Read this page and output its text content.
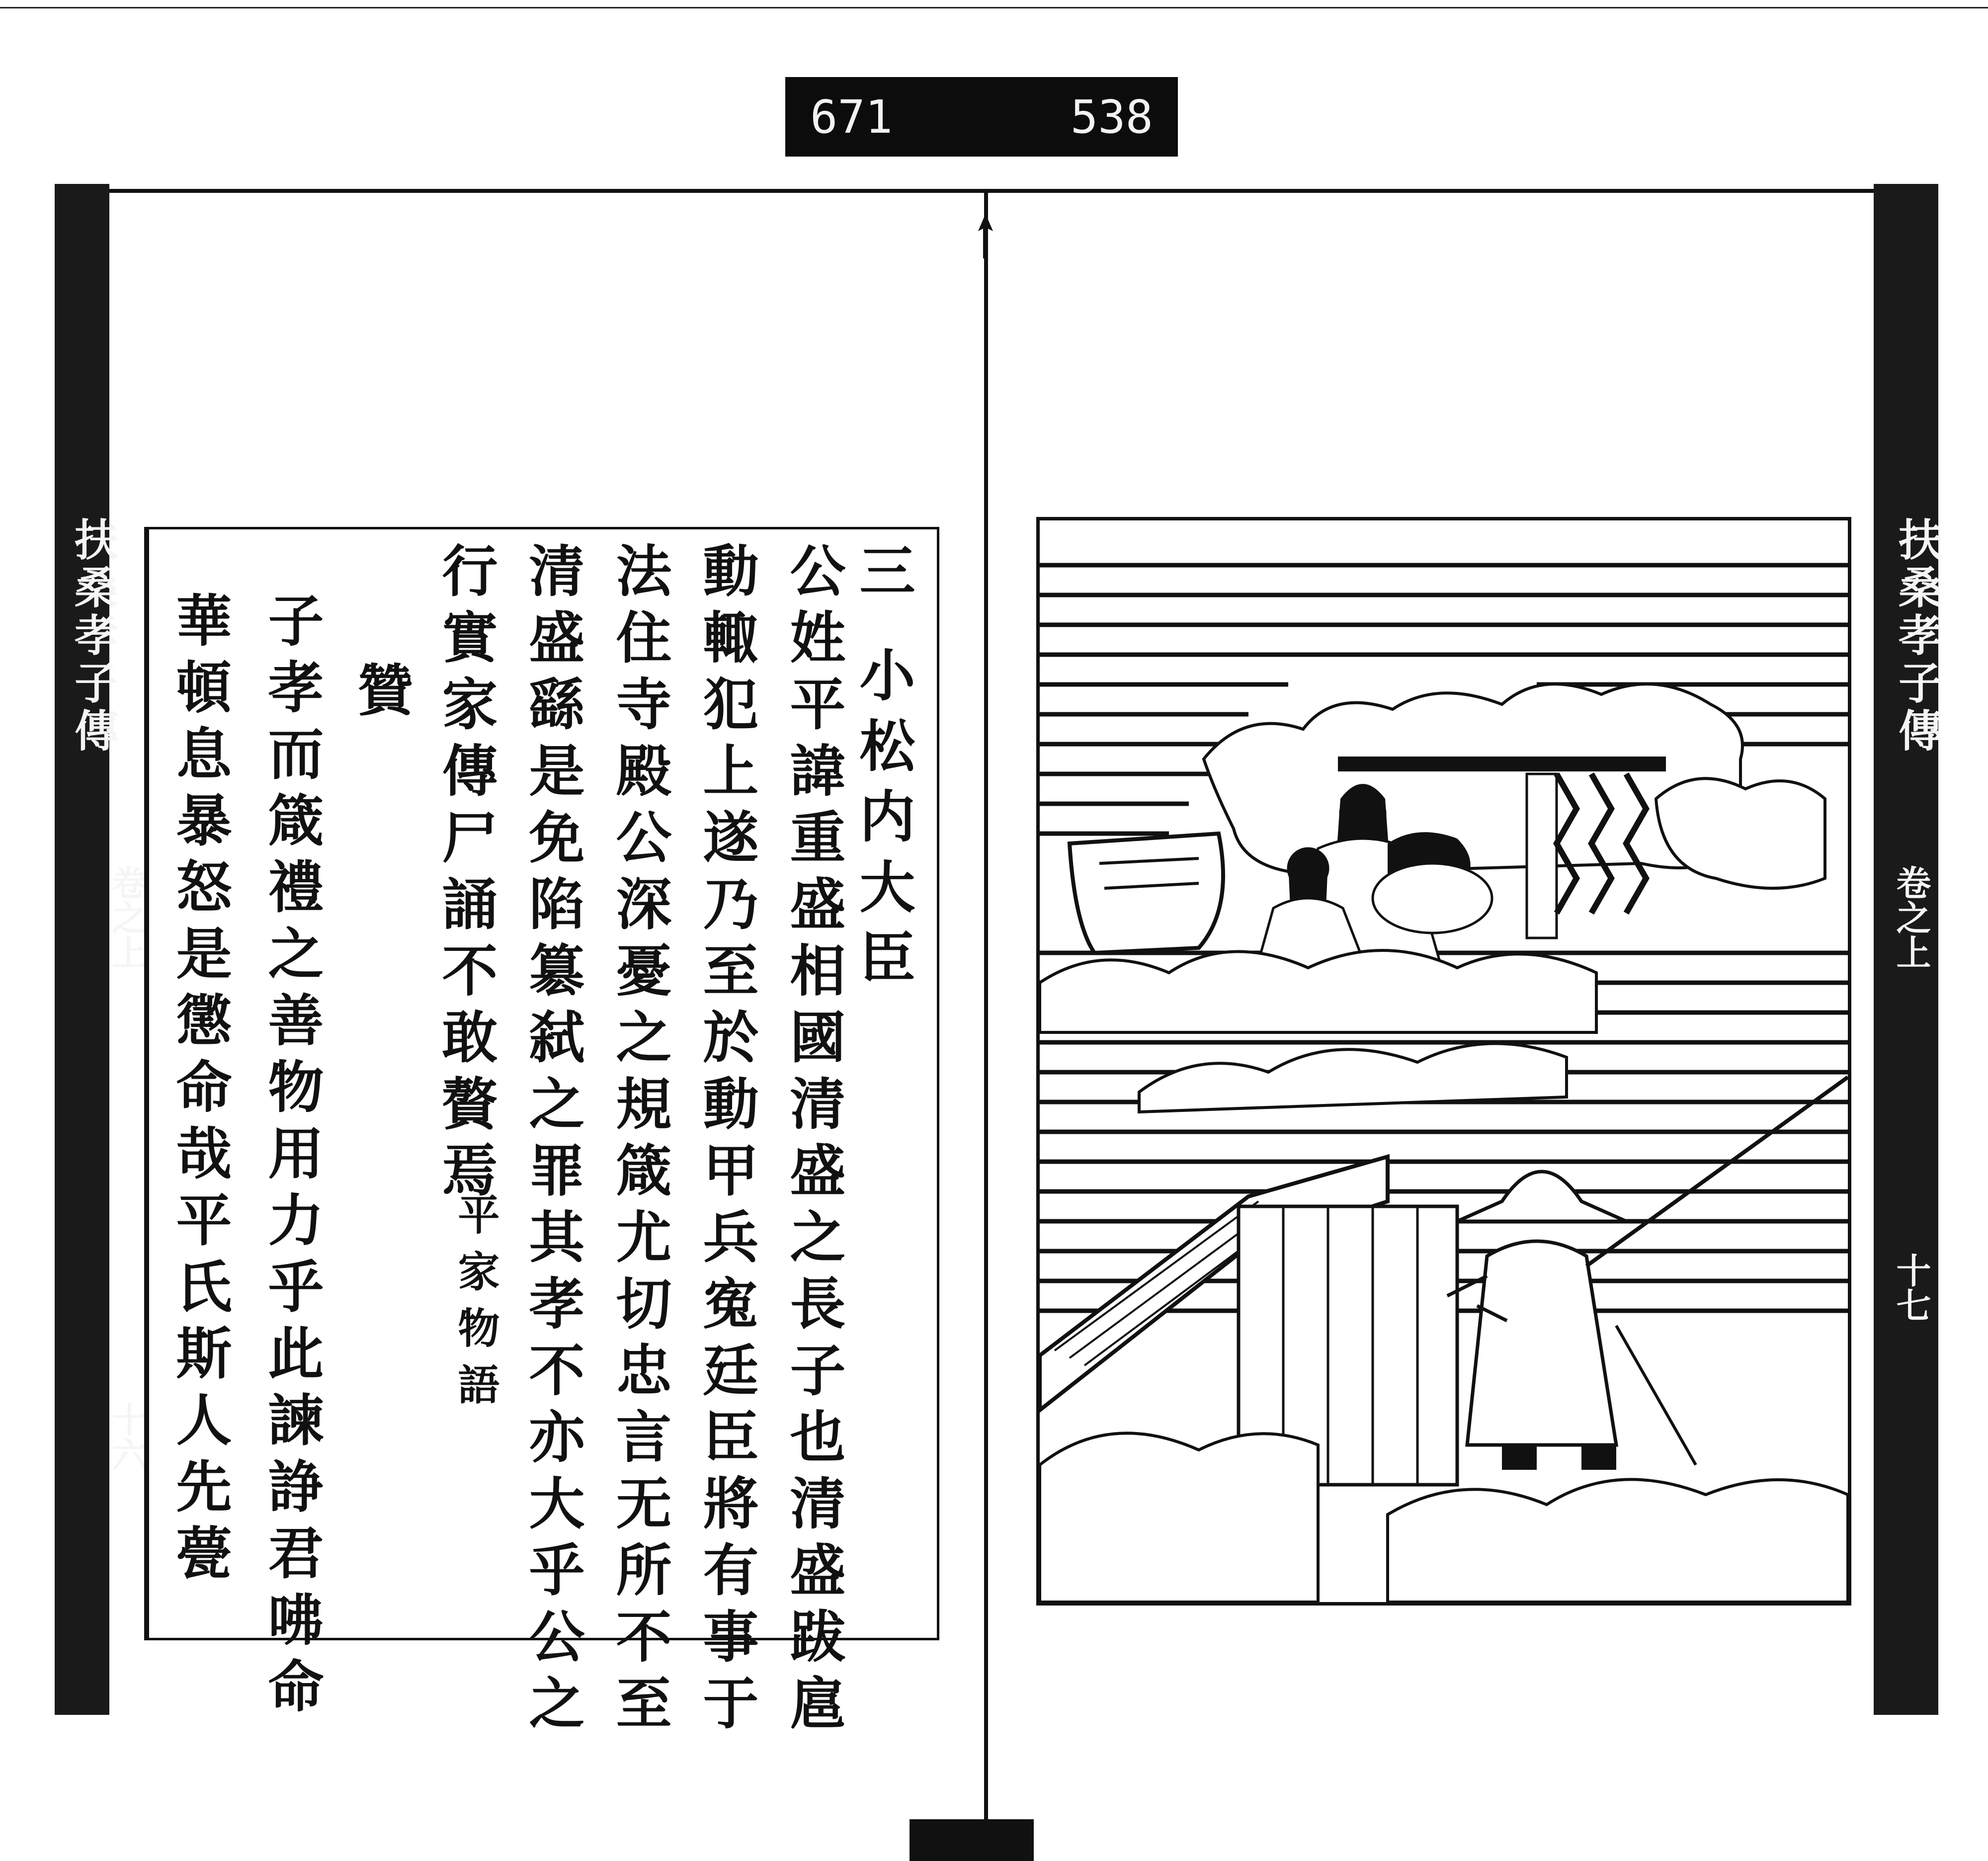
671	538
扶桑孝子傳
卷之上
十六
扶桑孝子傳
卷之上
十七
三
小松内大臣
公姓平諱重盛相國清盛之長子也清盛跋扈
動輙犯上遂乃至於動甲兵寃廷臣將有事于
法住寺殿公深憂之規箴尤切忠言无所不至
清盛繇是免陷簒弑之罪其孝不亦大乎公之
行實家傳尸誦不敢贅焉
平家物語
贊
子孝而箴禮之善物用力乎此諫諍君咈命
華頓息暴怒是懲命哉平氏斯人先甍
